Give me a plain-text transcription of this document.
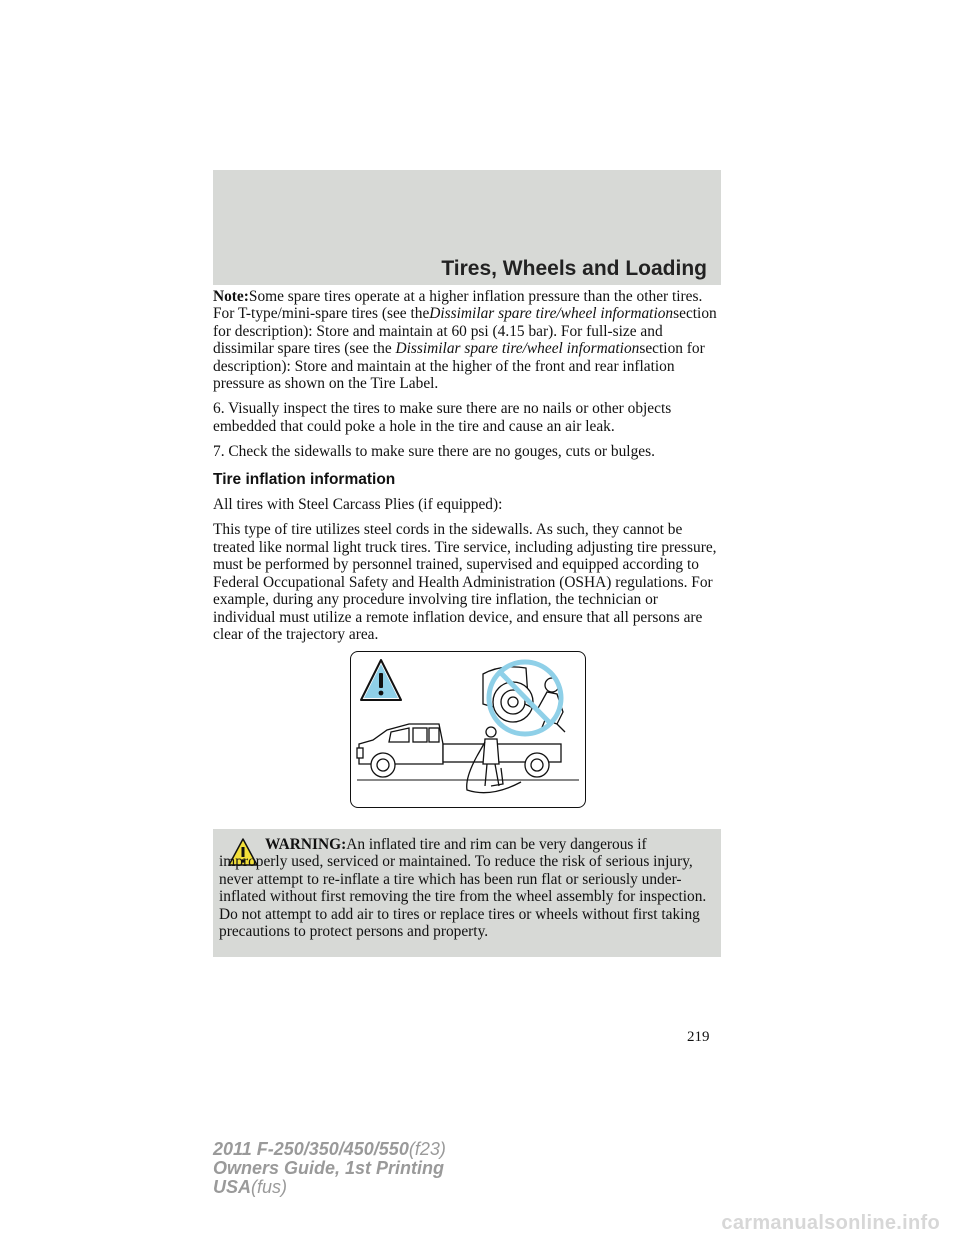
Tires, Wheels and Loading

Note:Some spare tires operate at a higher inflation pressure than the other tires. For T-type/mini-spare tires (see theDissimilar spare tire/wheel informationsection for description): Store and maintain at 60 psi (4.15 bar). For full-size and dissimilar spare tires (see the Dissimilar spare tire/wheel informationsection for description): Store and maintain at the higher of the front and rear inflation pressure as shown on the Tire Label.

6. Visually inspect the tires to make sure there are no nails or other objects embedded that could poke a hole in the tire and cause an air leak.

7. Check the sidewalls to make sure there are no gouges, cuts or bulges.

Tire inflation information

All tires with Steel Carcass Plies (if equipped):

This type of tire utilizes steel cords in the sidewalls. As such, they cannot be treated like normal light truck tires. Tire service, including adjusting tire pressure, must be performed by personnel trained, supervised and equipped according to Federal Occupational Safety and Health Administration (OSHA) regulations. For example, during any procedure involving tire inflation, the technician or individual must utilize a remote inflation device, and ensure that all persons are clear of the trajectory area.

WARNING:An inflated tire and rim can be very dangerous if improperly used, serviced or maintained. To reduce the risk of serious injury, never attempt to re-inflate a tire which has been run flat or seriously under-inflated without first removing the tire from the wheel assembly for inspection. Do not attempt to add air to tires or replace tires or wheels without first taking precautions to protect persons and property.
219
2011 F-250/350/450/550(f23)
Owners Guide, 1st Printing
USA(fus)
carmanualsonline.info
